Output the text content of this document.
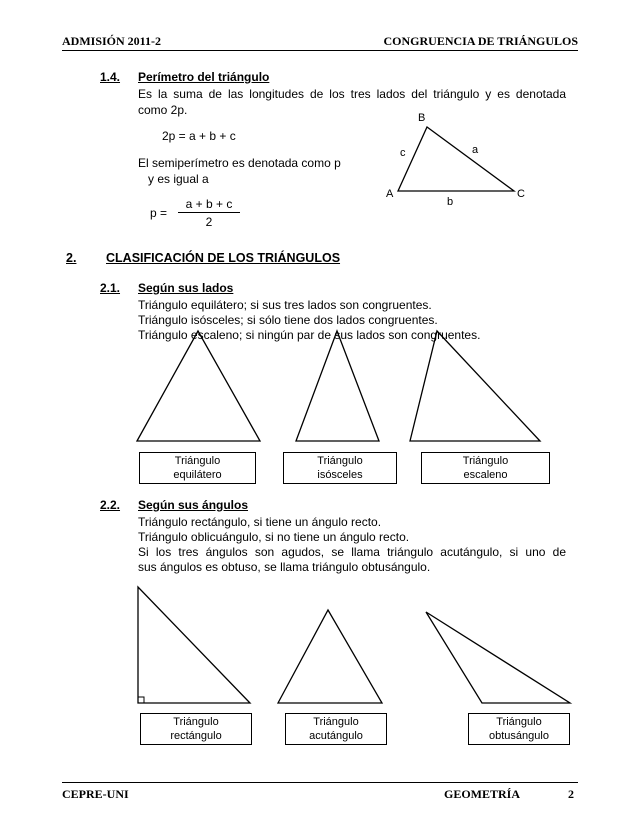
ADMISIÓN 2011-2	CONGRUENCIA DE TRIÁNGULOS
1.4. Perímetro del triángulo
Es la suma de las longitudes de los tres lados del triángulo y es denotada
como 2p.
2p = a + b + c
El semiperímetro es denotada como p
y es igual a
p =
a + b + c
2
B
A	C
a
b
c
2. CLASIFICACIÓN DE LOS TRIÁNGULOS
2.1. Según sus lados
Triángulo equilátero; si sus tres lados son congruentes.
Triángulo isósceles; si sólo tiene dos lados congruentes.
Triángulo escaleno; si ningún par de sus lados son congruentes.
Triángulo
equilátero
Triángulo
isósceles
Triángulo
escaleno
2.2. Según sus ángulos
Triángulo rectángulo, si tiene un ángulo recto.
Triángulo oblicuángulo, si no tiene un ángulo recto.
Si los tres ángulos son agudos, se llama triángulo acutángulo, si uno de
sus ángulos es obtuso, se llama triángulo obtusángulo.
Triángulo
rectángulo
Triángulo
acutángulo
Triángulo
obtusángulo
CEPRE-UNI	GEOMETRÍA	2
